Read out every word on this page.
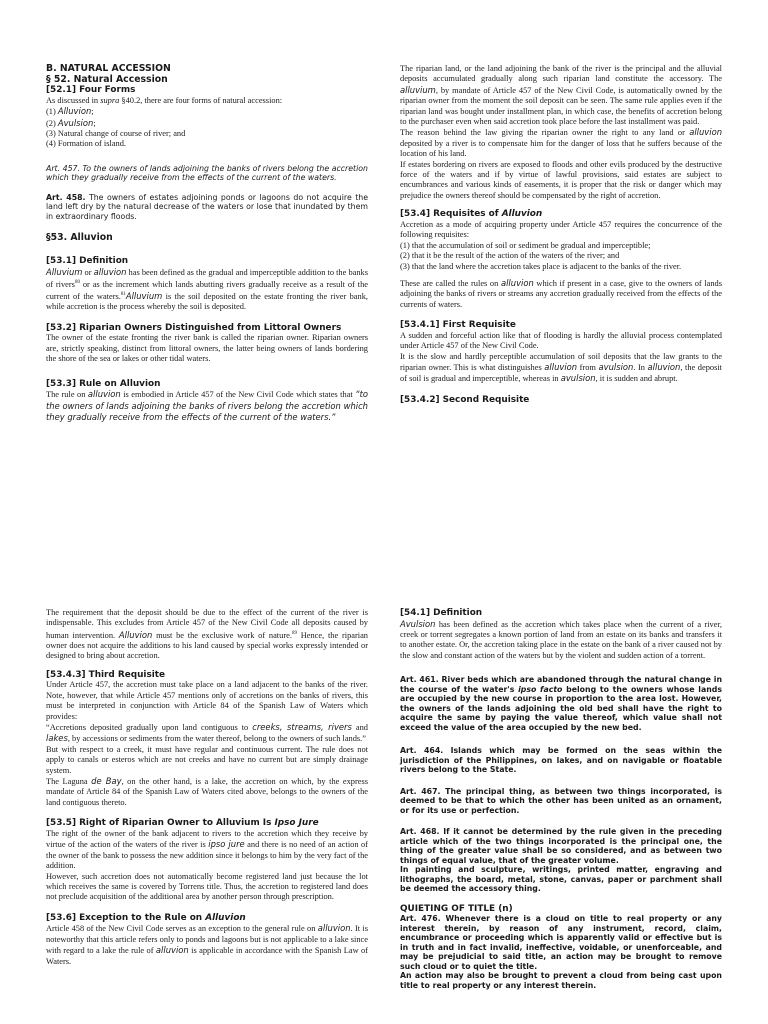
B. NATURAL ACCESSION
§ 52. Natural Accession
[52.1] Four Forms

As discussed in supra §40.2, there are four forms of natural accession:

(1) Alluvion;

(2) Avulsion;

(3) Natural change of course of river; and

(4) Formation of island.

Art. 457. To the owners of lands adjoining the banks of rivers belong the accretion which they gradually receive from the effects of the current of the waters.

Art. 458. The owners of estates adjoining ponds or lagoons do not acquire the land left dry by the natural decrease of the waters or lose that inundated by them in extraordinary floods.

§53. Alluvion
[53.1] Definition

Alluvium or alluvion has been defined as the gradual and imperceptible addition to the banks of rivers$^{80}$ or as the increment which lands abutting rivers gradually receive as a result of the current of the waters.$^{81}$Alluvium is the soil deposited on the estate fronting the river bank, while accretion is the process whereby the soil is deposited.

[53.2] Riparian Owners Distinguished from Littoral Owners

The owner of the estate fronting the river bank is called the riparian owner. Riparian owners are, strictly speaking, distinct from littoral owners, the latter being owners of lands bordering the shore of the sea or lakes or other tidal waters.

[53.3] Rule on Alluvion

The rule on alluvion is embodied in Article 457 of the New Civil Code which states that “to the owners of lands adjoining the banks of rivers belong the accretion which they gradually receive from the effects of the current of the waters.”

The riparian land, or the land adjoining the bank of the river is the principal and the alluvial deposits accumulated gradually along such riparian land constitute the accessory. The alluvium, by mandate of Article 457 of the New Civil Code, is automatically owned by the riparian owner from the moment the soil deposit can be seen. The same rule applies even if the riparian land was bought under installment plan, in which case, the benefits of accretion belong to the purchaser even when said accretion took place before the last installment was paid.

The reason behind the law giving the riparian owner the right to any land or alluvion deposited by a river is to compensate him for the danger of loss that he suffers because of the location of his land.

If estates bordering on rivers are exposed to floods and other evils produced by the destructive force of the waters and if by virtue of lawful provisions, said estates are subject to encumbrances and various kinds of easements, it is proper that the risk or danger which may prejudice the owners thereof should be compensated by the right of accretion.

[53.4] Requisites of Alluvion

Accretion as a mode of acquiring property under Article 457 requires the concurrence of the following requisites:

(1) that the accumulation of soil or sediment be gradual and imperceptible;

(2) that it be the result of the action of the waters of the river; and

(3) that the land where the accretion takes place is adjacent to the banks of the river.

These are called the rules on alluvion which if present in a case, give to the owners of lands adjoining the banks of rivers or streams any accretion gradually received from the effects of the currents of waters.

[53.4.1] First Requisite

A sudden and forceful action like that of flooding is hardly the alluvial process contemplated under Article 457 of the New Civil Code.

It is the slow and hardly perceptible accumulation of soil deposits that the law grants to the riparian owner. This is what distinguishes alluvion from avulsion. In alluvion, the deposit of soil is gradual and imperceptible, whereas in avulsion, it is sudden and abrupt.

[53.4.2] Second Requisite

The requirement that the deposit should be due to the effect of the current of the river is indispensable. This excludes from Article 457 of the New Civil Code all deposits caused by human intervention. Alluvion must be the exclusive work of nature.$^{89}$ Hence, the riparian owner does not acquire the additions to his land caused by special works expressly intended or designed to bring about accretion.

[53.4.3] Third Requisite

Under Article 457, the accretion must take place on a land adjacent to the banks of the river. Note, however, that while Article 457 mentions only of accretions on the banks of rivers, this must be interpreted in conjunction with Article 84 of the Spanish Law of Waters which provides:

“Accretions deposited gradually upon land contiguous to creeks, streams, rivers and lakes, by accessions or sediments from the water thereof, belong to the owners of such lands.”

But with respect to a creek, it must have regular and continuous current. The rule does not apply to canals or esteros which are not creeks and have no current but are simply drainage system.

The Laguna de Bay, on the other hand, is a lake, the accretion on which, by the express mandate of Article 84 of the Spanish Law of Waters cited above, belongs to the owners of the land contiguous thereto.

[53.5] Right of Riparian Owner to Alluvium Is Ipso Jure

The right of the owner of the bank adjacent to rivers to the accretion which they receive by virtue of the action of the waters of the river is ipso jure and there is no need of an action of the owner of the bank to possess the new addition since it belongs to him by the very fact of the addition.

However, such accretion does not automatically become registered land just because the lot which receives the same is covered by Torrens title. Thus, the accretion to registered land does not preclude acquisition of the additional area by another person through prescription.

[53.6] Exception to the Rule on Alluvion

Article 458 of the New Civil Code serves as an exception to the general rule on alluvion. It is noteworthy that this article refers only to ponds and lagoons but is not applicable to a lake since with regard to a lake the rule of alluvion is applicable in accordance with the Spanish Law of Waters.

[54.1] Definition

Avulsion has been defined as the accretion which takes place when the current of a river, creek or torrent segregates a known portion of land from an estate on its banks and transfers it to another estate. Or, the accretion taking place in the estate on the bank of a river caused not by the slow and constant action of the waters but by the violent and sudden action of a torrent.

Art. 461. River beds which are abandoned through the natural change in the course of the water's ipso facto belong to the owners whose lands are occupied by the new course in proportion to the area lost. However, the owners of the lands adjoining the old bed shall have the right to acquire the same by paying the value thereof, which value shall not exceed the value of the area occupied by the new bed.

Art. 464. Islands which may be formed on the seas within the jurisdiction of the Philippines, on lakes, and on navigable or floatable rivers belong to the State.

Art. 467. The principal thing, as between two things incorporated, is deemed to be that to which the other has been united as an ornament, or for its use or perfection.

Art. 468. If it cannot be determined by the rule given in the preceding article which of the two things incorporated is the principal one, the thing of the greater value shall be so considered, and as between two things of equal value, that of the greater volume.

In painting and sculpture, writings, printed matter, engraving and lithographs, the board, metal, stone, canvas, paper or parchment shall be deemed the accessory thing.

QUIETING OF TITLE (n)

Art. 476. Whenever there is a cloud on title to real property or any interest therein, by reason of any instrument, record, claim, encumbrance or proceeding which is apparently valid or effective but is in truth and in fact invalid, ineffective, voidable, or unenforceable, and may be prejudicial to said title, an action may be brought to remove such cloud or to quiet the title.

An action may also be brought to prevent a cloud from being cast upon title to real property or any interest therein.
